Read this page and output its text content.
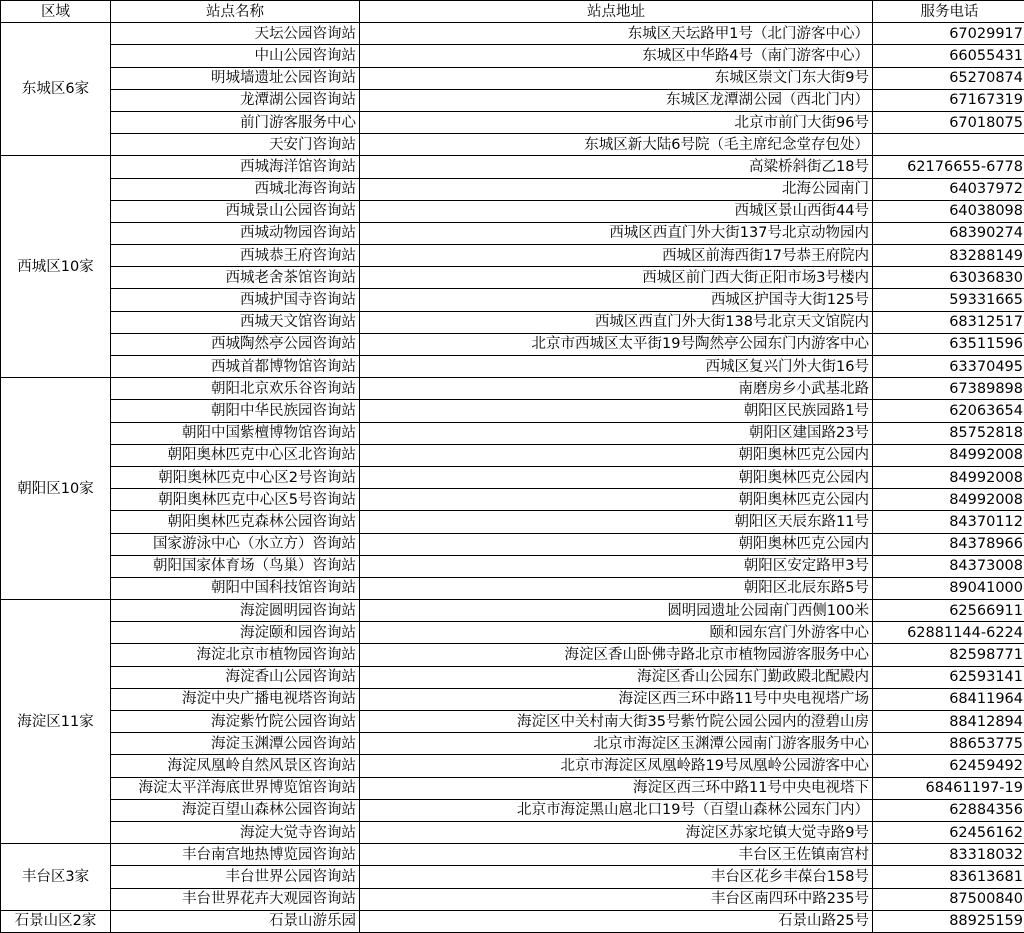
区域	站点名称	站点地址	服务电话
东城区6家	天坛公园咨询站	东城区天坛路甲1号（北门游客中心）	67029917
	中山公园咨询站	东城区中华路4号（南门游客中心）	66055431
	明城墙遗址公园咨询站	东城区崇文门东大街9号	65270874
	龙潭湖公园咨询站	东城区龙潭湖公园（西北门内）	67167319
	前门游客服务中心	北京市前门大街96号	67018075
	天安门咨询站	东城区新大陆6号院（毛主席纪念堂存包处）	
西城区10家	西城海洋馆咨询站	高粱桥斜街乙18号	62176655-6778
	西城北海咨询站	北海公园南门	64037972
	西城景山公园咨询站	西城区景山西街44号	64038098
	西城动物园咨询站	西城区西直门外大街137号北京动物园内	68390274
	西城恭王府咨询站	西城区前海西街17号恭王府院内	83288149
	西城老舍茶馆咨询站	西城区前门西大街正阳市场3号楼内	63036830
	西城护国寺咨询站	西城区护国寺大街125号	59331665
	西城天文馆咨询站	西城区西直门外大街138号北京天文馆院内	68312517
	西城陶然亭公园咨询站	北京市西城区太平街19号陶然亭公园东门内游客中心	63511596
	西城首都博物馆咨询站	西城区复兴门外大街16号	63370495
朝阳区10家	朝阳北京欢乐谷咨询站	南磨房乡小武基北路	67389898
	朝阳中华民族园咨询站	朝阳区民族园路1号	62063654
	朝阳中国紫檀博物馆咨询站	朝阳区建国路23号	85752818
	朝阳奥林匹克中心区北咨询站	朝阳奥林匹克公园内	84992008
	朝阳奥林匹克中心区2号咨询站	朝阳奥林匹克公园内	84992008
	朝阳奥林匹克中心区5号咨询站	朝阳奥林匹克公园内	84992008
	朝阳奥林匹克森林公园咨询站	朝阳区天辰东路11号	84370112
	国家游泳中心（水立方）咨询站	朝阳奥林匹克公园内	84378966
	朝阳国家体育场（鸟巢）咨询站	朝阳区安定路甲3号	84373008
	朝阳中国科技馆咨询站	朝阳区北辰东路5号	89041000
海淀区11家	海淀圆明园咨询站	圆明园遗址公园南门西侧100米	62566911
	海淀颐和园咨询站	颐和园东宫门外游客中心	62881144-6224
	海淀北京市植物园咨询站	海淀区香山卧佛寺路北京市植物园游客服务中心	82598771
	海淀香山公园咨询站	海淀区香山公园东门勤政殿北配殿内	62593141
	海淀中央广播电视塔咨询站	海淀区西三环中路11号中央电视塔广场	68411964
	海淀紫竹院公园咨询站	海淀区中关村南大街35号紫竹院公园公园内的澄碧山房	88412894
	海淀玉渊潭公园咨询站	北京市海淀区玉渊潭公园南门游客服务中心	88653775
	海淀凤凰岭自然风景区咨询站	北京市海淀区凤凰岭路19号凤凰岭公园游客中心	62459492
	海淀太平洋海底世界博览馆咨询站	海淀区西三环中路11号中央电视塔下	68461197-19
	海淀百望山森林公园咨询站	北京市海淀黑山扈北口19号（百望山森林公园东门内）	62884356
	海淀大觉寺咨询站	海淀区苏家坨镇大觉寺路9号	62456162
丰台区3家	丰台南宫地热博览园咨询站	丰台区王佐镇南宫村	83318032
	丰台世界公园咨询站	丰台区花乡丰葆台158号	83613681
	丰台世界花卉大观园咨询站	丰台区南四环中路235号	87500840
石景山区2家	石景山游乐园	石景山路25号	88925159
